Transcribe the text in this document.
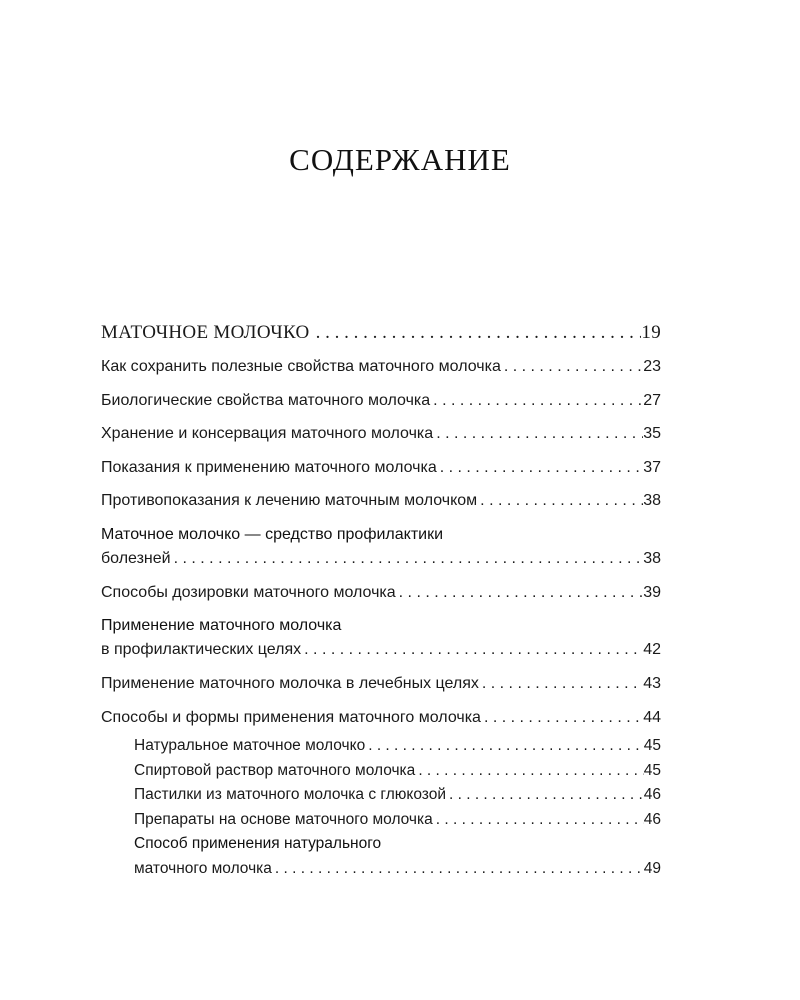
СОДЕРЖАНИЕ
МАТОЧНОЕ МОЛОЧКО . . .	19
Как сохранить полезные свойства маточного молочка . . .	23
Биологические свойства маточного молочка . . .	27
Хранение и консервация маточного молочка . . .	35
Показания к применению маточного молочка . . .	37
Противопоказания к лечению маточным молочком . . .	38
Маточное молочко — средство профилактики
болезней . . .	38
Способы дозировки маточного молочка . . .	39
Применение маточного молочка
в профилактических целях . . .	42
Применение маточного молочка в лечебных целях . . .	43
Способы и формы применения маточного молочка . . .	44
Натуральное маточное молочко . . .	45
Спиртовой раствор маточного молочка . . .	45
Пастилки из маточного молочка с глюкозой . . .	46
Препараты на основе маточного молочка . . .	46
Способ применения натурального
маточного молочка . . .	49
